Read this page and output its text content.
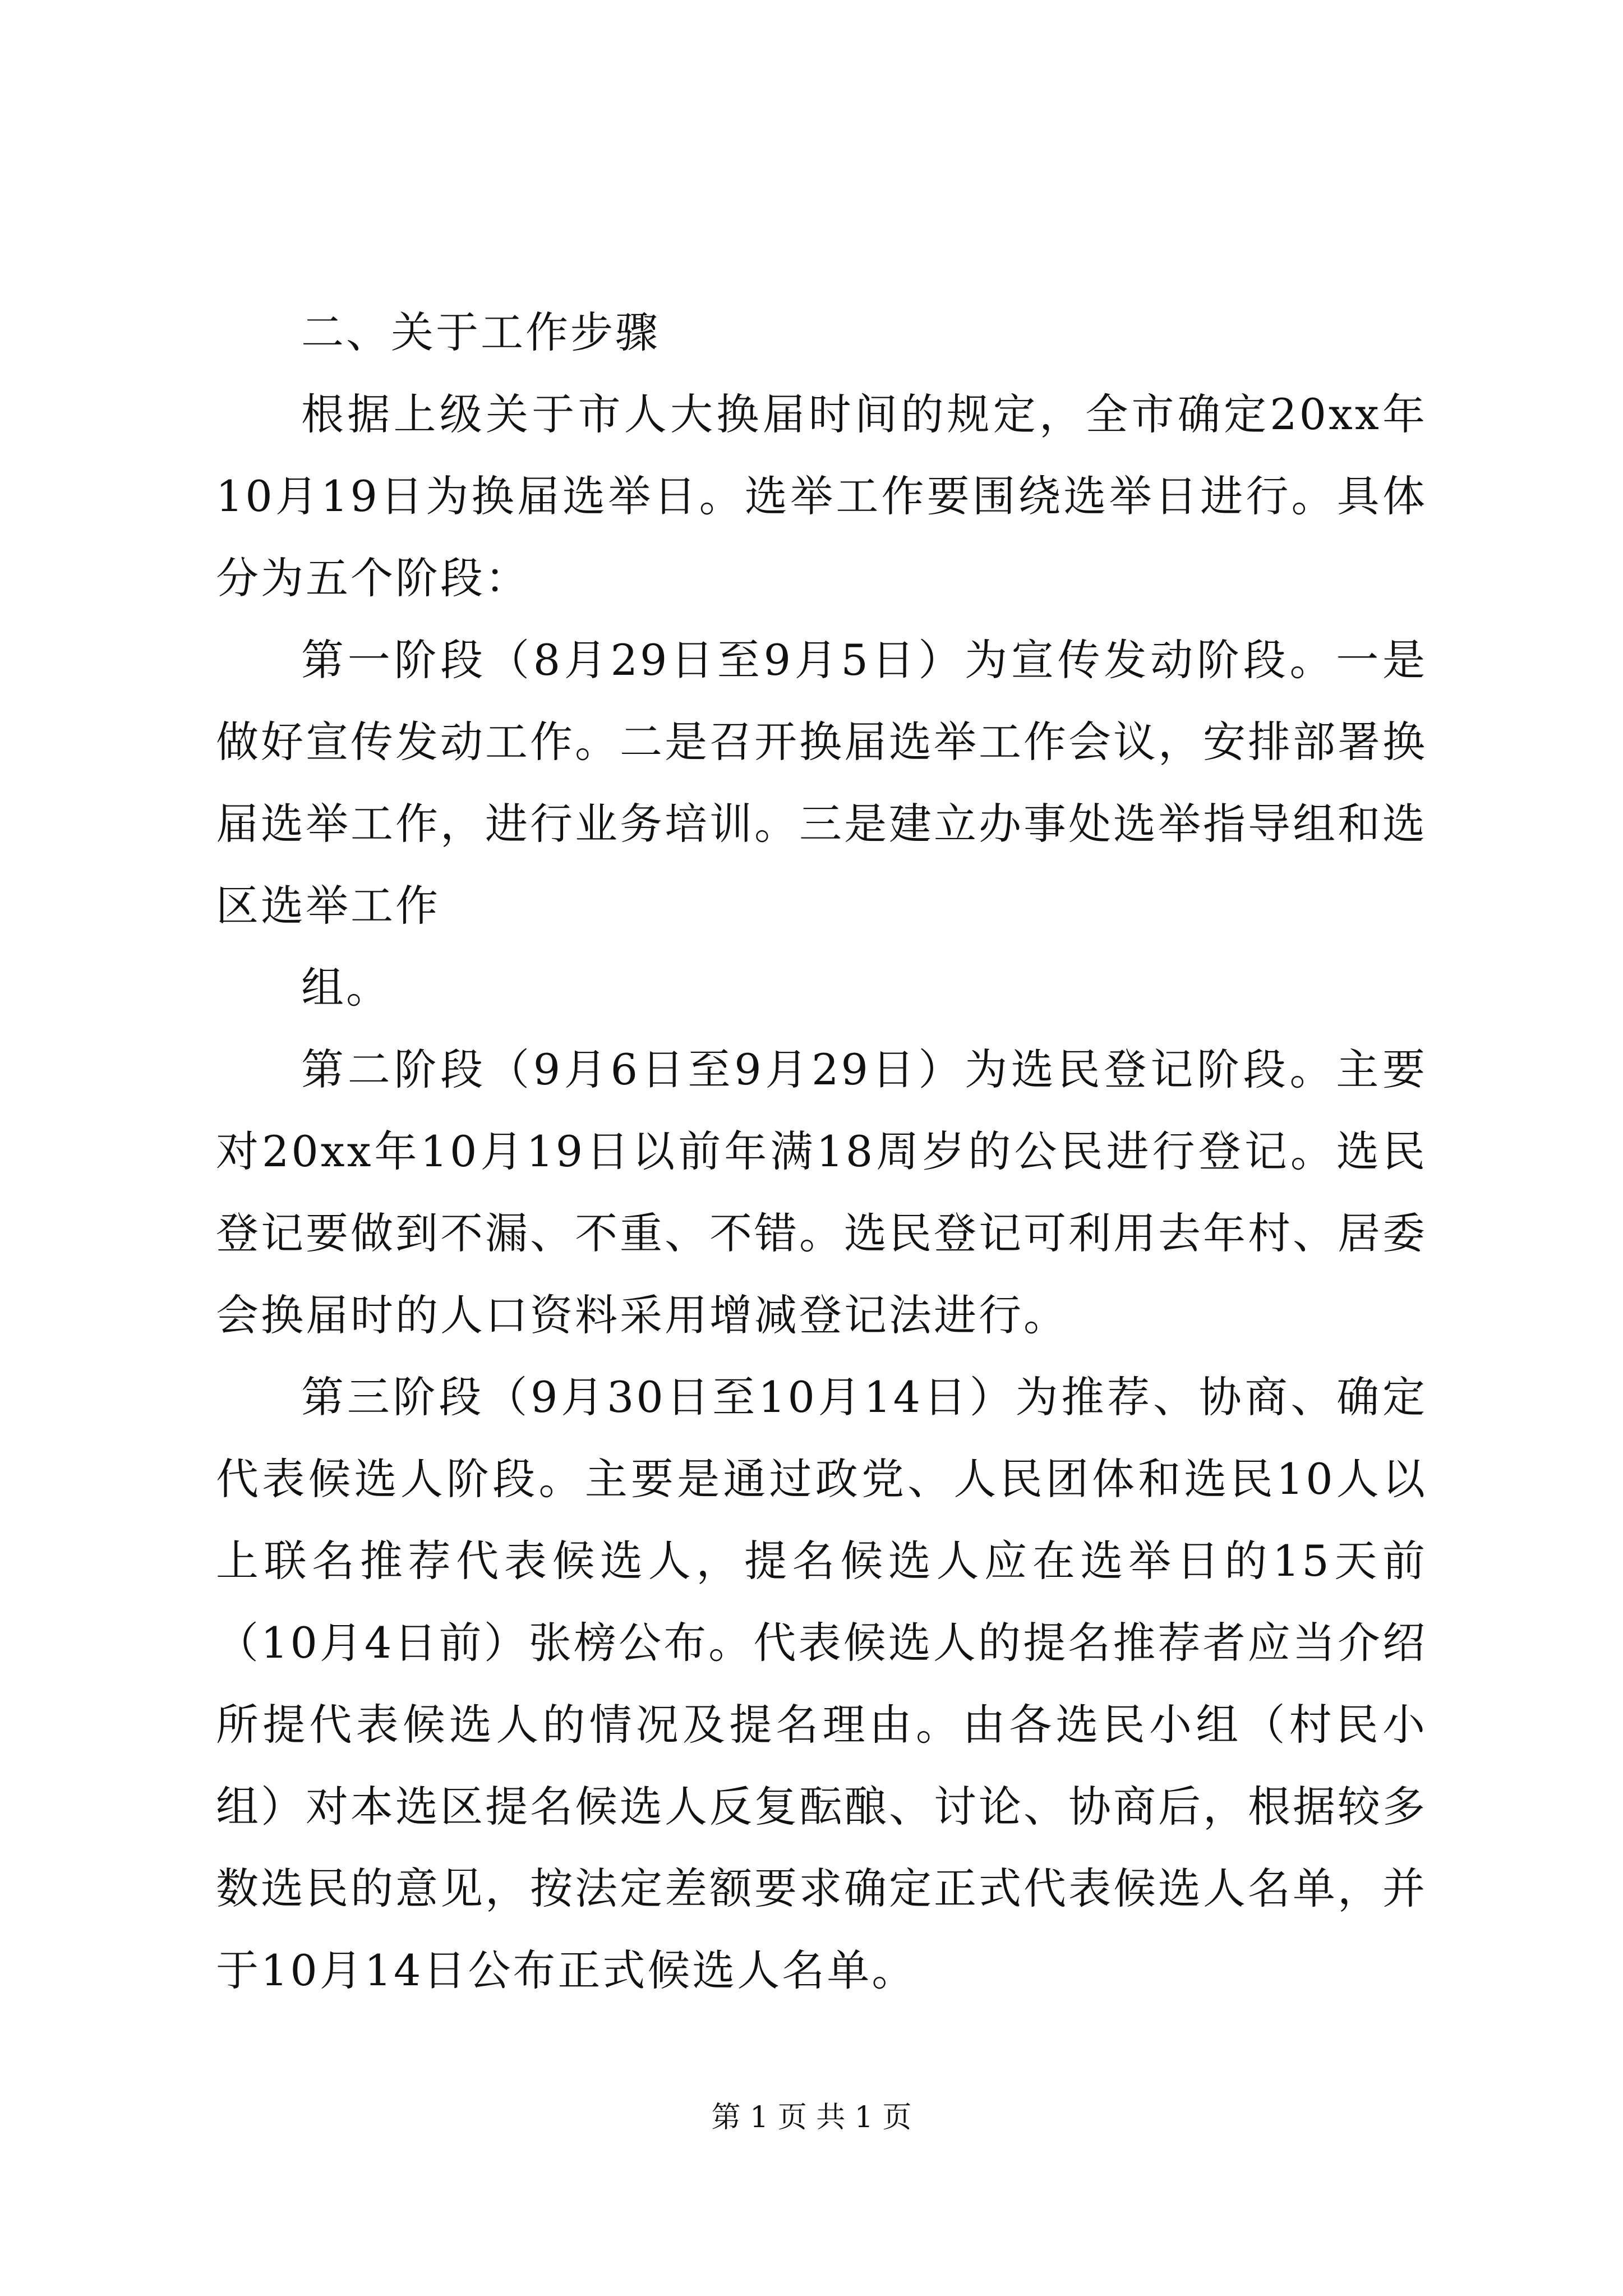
二、关于工作步骤

根据上级关于市人大换届时间的规定，全市确定20xx年10月19日为换届选举日。选举工作要围绕选举日进行。具体分为五个阶段：

第一阶段（8月29日至9月5日）为宣传发动阶段。一是做好宣传发动工作。二是召开换届选举工作会议，安排部署换届选举工作，进行业务培训。三是建立办事处选举指导组和选区选举工作

组。

第二阶段（9月6日至9月29日）为选民登记阶段。主要对20xx年10月19日以前年满18周岁的公民进行登记。选民登记要做到不漏、不重、不错。选民登记可利用去年村、居委会换届时的人口资料采用增减登记法进行。

第三阶段（9月30日至10月14日）为推荐、协商、确定代表候选人阶段。主要是通过政党、人民团体和选民10人以上联名推荐代表候选人，提名候选人应在选举日的15天前（10月4日前）张榜公布。代表候选人的提名推荐者应当介绍所提代表候选人的情况及提名理由。由各选民小组（村民小组）对本选区提名候选人反复酝酿、讨论、协商后，根据较多数选民的意见，按法定差额要求确定正式代表候选人名单，并于10月14日公布正式候选人名单。

第 1 页 共 1 页
